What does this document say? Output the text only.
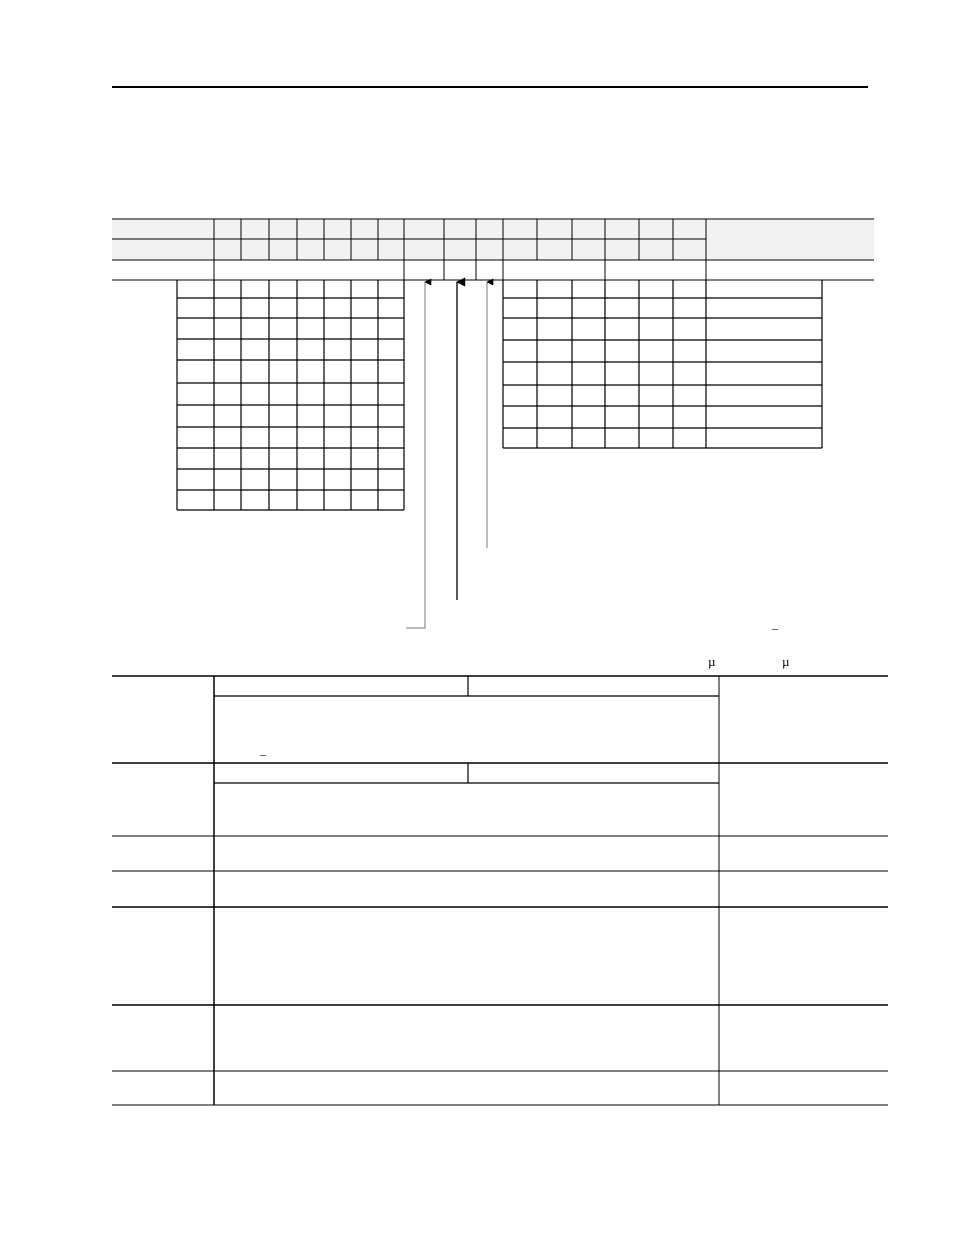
–
µ	µ
–
